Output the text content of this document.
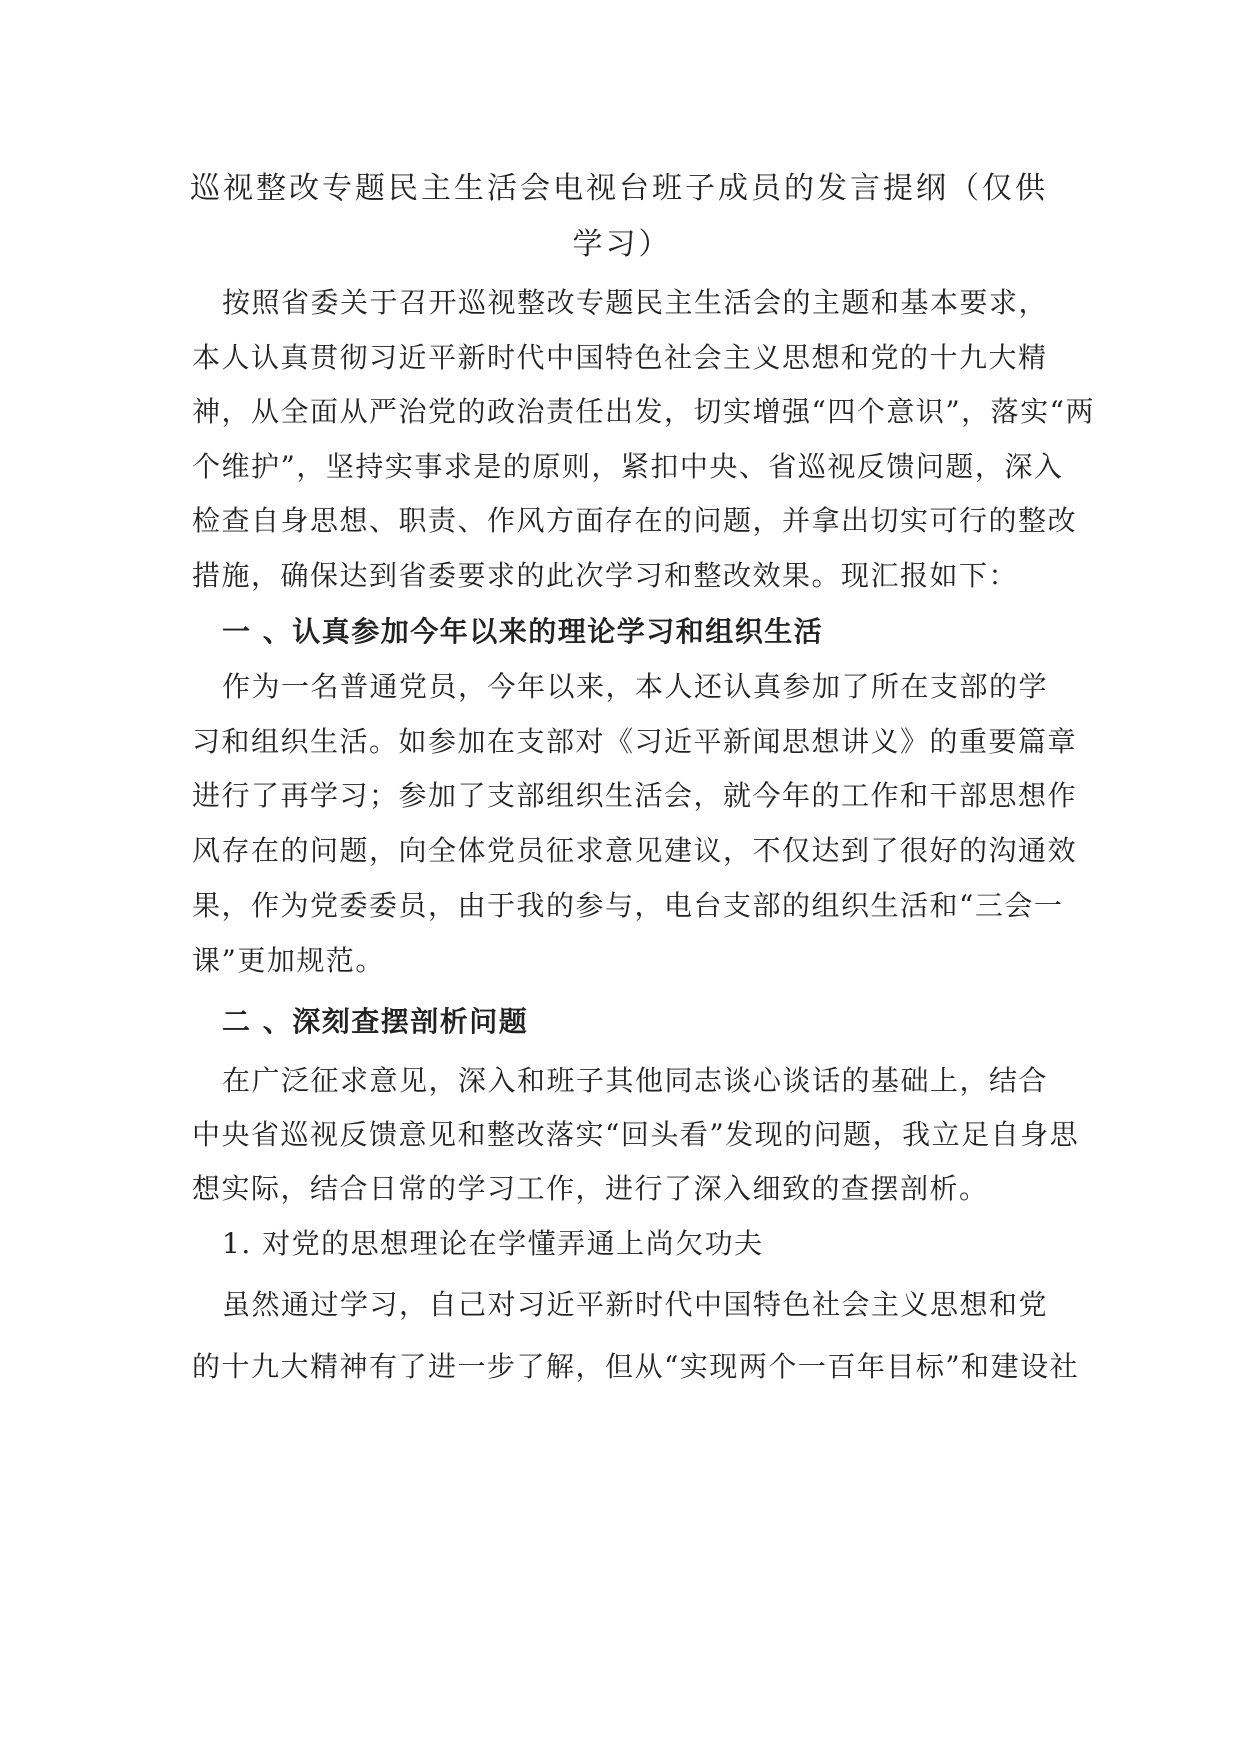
巡视整改专题民主生活会电视台班子成员的发言提纲（仅供
学习）
按照省委关于召开巡视整改专题民主生活会的主题和基本要求，
本人认真贯彻习近平新时代中国特色社会主义思想和党的十九大精
神，从全面从严治党的政治责任出发，切实增强“四个意识”，落实“两
个维护”，坚持实事求是的原则，紧扣中央、省巡视反馈问题，深入
检查自身思想、职责、作风方面存在的问题，并拿出切实可行的整改
措施，确保达到省委要求的此次学习和整改效果。现汇报如下：
一 、认真参加今年以来的理论学习和组织生活
作为一名普通党员，今年以来，本人还认真参加了所在支部的学
习和组织生活。如参加在支部对《习近平新闻思想讲义》的重要篇章
进行了再学习；参加了支部组织生活会，就今年的工作和干部思想作
风存在的问题，向全体党员征求意见建议，不仅达到了很好的沟通效
果，作为党委委员，由于我的参与，电台支部的组织生活和“三会一
课”更加规范。
二 、深刻查摆剖析问题
在广泛征求意见，深入和班子其他同志谈心谈话的基础上，结合
中央省巡视反馈意见和整改落实“回头看”发现的问题，我立足自身思
想实际，结合日常的学习工作，进行了深入细致的查摆剖析。
1. 对党的思想理论在学懂弄通上尚欠功夫
虽然通过学习，自己对习近平新时代中国特色社会主义思想和党
的十九大精神有了进一步了解，但从“实现两个一百年目标”和建设社
